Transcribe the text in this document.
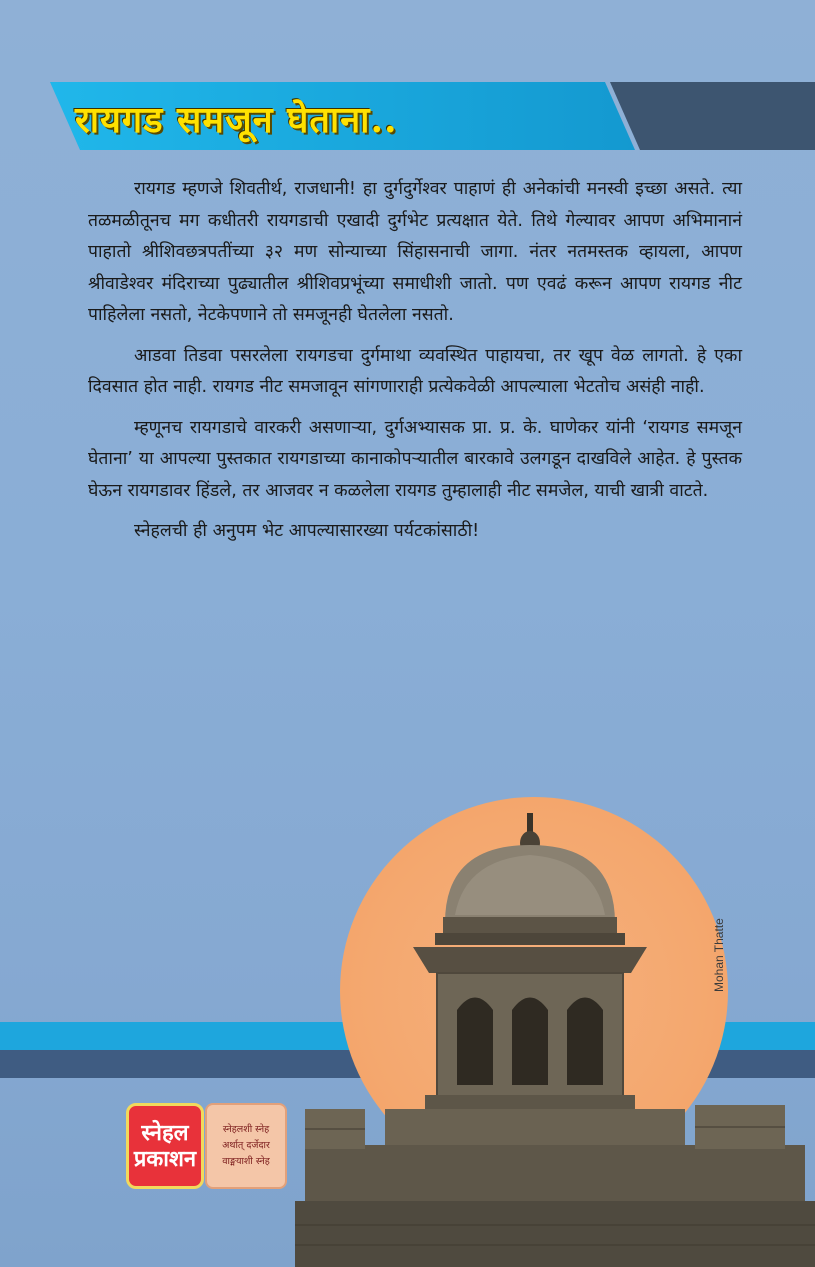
रायगड समजून घेताना..

रायगड म्हणजे शिवतीर्थ, राजधानी! हा दुर्गदुर्गेश्वर पाहाणं ही अनेकांची मनस्वी इच्छा असते. त्या तळमळीतूनच मग कधीतरी रायगडाची एखादी दुर्गभेट प्रत्यक्षात येते. तिथे गेल्यावर आपण अभिमानानं पाहातो श्रीशिवछत्रपतींच्या ३२ मण सोन्याच्या सिंहासनाची जागा. नंतर नतमस्तक व्हायला, आपण श्रीवाडेश्वर मंदिराच्या पुढ्यातील श्रीशिवप्रभूंच्या समाधीशी जातो. पण एवढं करून आपण रायगड नीट पाहिलेला नसतो, नेटकेपणाने तो समजूनही घेतलेला नसतो.

आडवा तिडवा पसरलेला रायगडचा दुर्गमाथा व्यवस्थित पाहायचा, तर खूप वेळ लागतो. हे एका दिवसात होत नाही. रायगड नीट समजावून सांगणाराही प्रत्येकवेळी आपल्याला भेटतोच असंही नाही.

म्हणूनच रायगडाचे वारकरी असणाऱ्या, दुर्गअभ्यासक प्रा. प्र. के. घाणेकर यांनी ‘रायगड समजून घेताना’ या आपल्या पुस्तकात रायगडाच्या कानाकोपऱ्यातील बारकावे उलगडून दाखविले आहेत. हे पुस्तक घेऊन रायगडावर हिंडले, तर आजवर न कळलेला रायगड तुम्हालाही नीट समजेल, याची खात्री वाटते.

स्नेहलची ही अनुपम भेट आपल्यासारख्या पर्यटकांसाठी!

Mohan Thatte
स्नेहल
प्रकाशन
स्नेहलशी स्नेह
अर्थात् दर्जेदार
वाङ्मयाशी स्नेह
